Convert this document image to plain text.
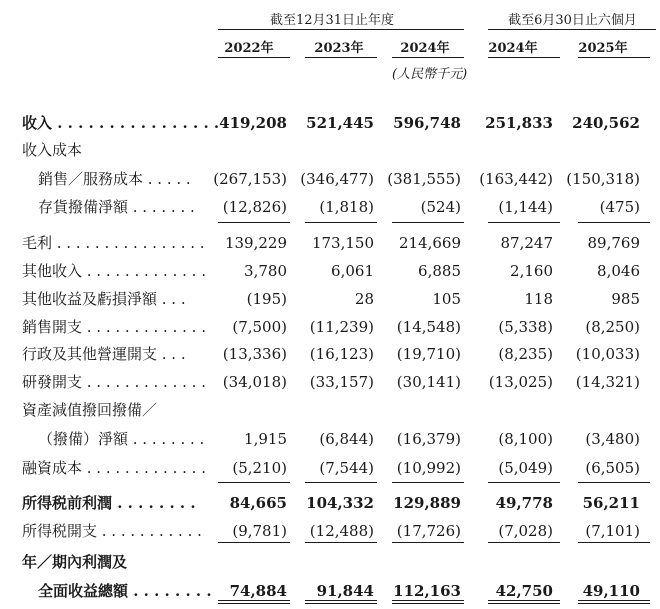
截至12月31日止年度	截至6月30日止六個月
2022年	2023年	2024年	2024年	2025年
(人民幣千元)
收入 . . . . . . . . . . . . . . . . 419,208	521,445	596,748	251,833	240,562
收入成本
銷售／服務成本 . . . . .	(267,153) (346,477) (381,555)	(163,442) (150,318)
存貨撥備淨額 . . . . . . .	(12,826)	(1,818)	(524)	(1,144)	(475)
毛利 . . . . . . . . . . . . . . . .	139,229	173,150	214,669	87,247	89,769
其他收入 . . . . . . . . . . . . .	3,780	6,061	6,885	2,160	8,046
其他收益及虧損淨額 . . .	(195)	28	105	118	985
銷售開支 . . . . . . . . . . . . .	(7,500)	(11,239)	(14,548)	(5,338)	(8,250)
行政及其他營運開支 . . .	(13,336)	(16,123)	(19,710)	(8,235)	(10,033)
研發開支 . . . . . . . . . . . . .	(34,018)	(33,157)	(30,141)	(13,025)	(14,321)
資產減值撥回撥備／
（撥備）淨額 . . . . . . . .	1,915	(6,844)	(16,379)	(8,100)	(3,480)
融資成本 . . . . . . . . . . . . .	(5,210)	(7,544)	(10,992)	(5,049)	(6,505)
所得税前利潤 . . . . . . . .	84,665	104,332	129,889	49,778	56,211
所得税開支 . . . . . . . . . . .	(9,781)	(12,488)	(17,726)	(7,028)	(7,101)
年／期內利潤及
全面收益總額 . . . . . . . .	74,884	91,844	112,163	42,750	49,110
